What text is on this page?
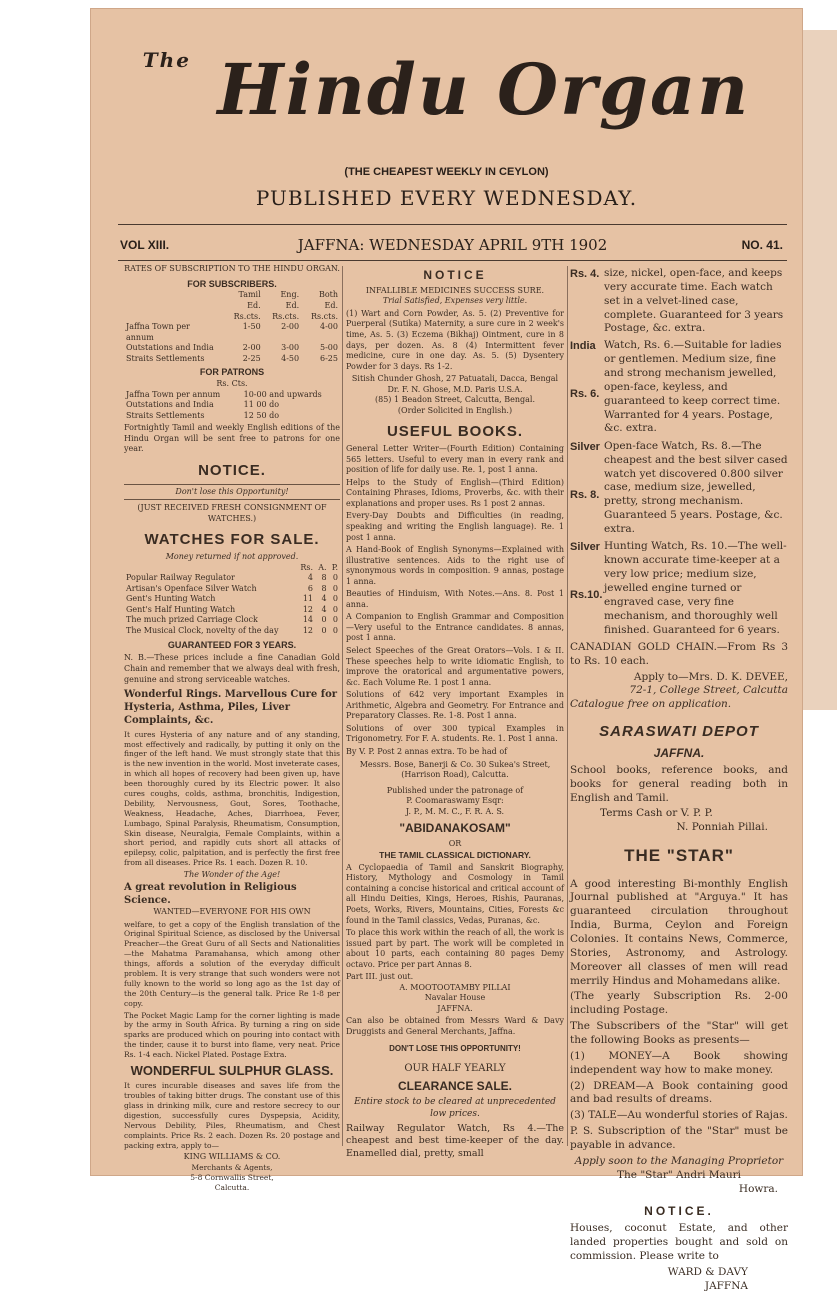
$^{The}$ Hindu Organ
(THE CHEAPEST WEEKLY IN CEYLON)
PUBLISHED EVERY WEDNESDAY.
VOL XIII.	JAFFNA: WEDNESDAY APRIL 9TH 1902	NO. 41.
RATES OF SUBSCRIPTION TO THE HINDU ORGAN.
FOR SUBSCRIBERS.
	Tamil Ed.	Eng. Ed.	Both Ed.
	Rs.cts.	Rs.cts.	Rs.cts.
Jaffna Town per annum	1-50	2-00	4-00
Outstations and India	2-00	3-00	5-00
Straits Settlements	2-25	4-50	6-25
FOR PATRONS
Rs. Cts.
Jaffna Town per annum	10-00 and upwards
Outstations and India	11 00 do
Straits Settlements	12 50 do

Fortnightly Tamil and weekly English editions of the Hindu Organ will be sent free to patrons for one year.

NOTICE.
Don't lose this Opportunity!
(JUST RECEIVED FRESH CONSIGNMENT OF WATCHES.)
WATCHES FOR SALE.
Money returned if not approved.
	Rs.	A.	P.
Popular Railway Regulator	4	8	0
Artisan's Openface Silver Watch	6	8	0
Gent's Hunting Watch	11	4	0
Gent's Half Hunting Watch	12	4	0
The much prized Carriage Clock	14	0	0
The Musical Clock, novelty of the day	12	0	0
GUARANTEED FOR 3 YEARS.

N. B.—These prices include a fine Canadian Gold Chain and remember that we always deal with fresh, genuine and strong serviceable watches.

Wonderful Rings. Marvellous Cure for Hysteria, Asthma, Piles, Liver Complaints, &c.

It cures Hysteria of any nature and of any standing, most effectively and radically, by putting it only on the finger of the left hand. We must strongly state that this is the new invention in the world. Most inveterate cases, in which all hopes of recovery had been given up, have been thoroughly cured by its Electric power. It also cures coughs, colds, asthma, bronchitis, Indigestion, Debility, Nervousness, Gout, Sores, Toothache, Weakness, Headache, Aches, Diarrhoea, Fever, Lumbago, Spinal Paralysis, Rheumatism, Consumption, Skin disease, Neuralgia, Female Complaints, within a short period, and rapidly cuts short all attacks of epilepsy, colic, palpitation, and is perfectly the first free from all diseases. Price Rs. 1 each. Dozen R. 10.

The Wonder of the Age!
A great revolution in Religious Science.
WANTED—EVERYONE FOR HIS OWN

welfare, to get a copy of the English translation of the Original Spiritual Science, as disclosed by the Universal Preacher—the Great Guru of all Sects and Nationalities—the Mahatma Paramahansa, which among other things, affords a solution of the everyday difficult problem. It is very strange that such wonders were not fully known to the world so long ago as the 1st day of the 20th Century—is the general talk. Price Re 1-8 per copy.

The Pocket Magic Lamp for the corner lighting is made by the army in South Africa. By turning a ring on side sparks are produced which on pouring into contact with the tinder, cause it to burst into flame, very neat. Price Rs. 1-4 each. Nickel Plated. Postage Extra.

WONDERFUL SULPHUR GLASS.

It cures incurable diseases and saves life from the troubles of taking bitter drugs. The constant use of this glass in drinking milk, cure and restore secrecy to our digestion, successfully cures Dyspepsia, Acidity, Nervous Debility, Piles, Rheumatism, and Chest complaints. Price Rs. 2 each. Dozen Rs. 20 postage and packing extra, apply to—

KING WILLIAMS & CO.
Merchants & Agents,
5-8 Cornwallis Street,
Calcutta.
NOTICE
INFALLIBLE MEDICINES SUCCESS SURE.
Trial Satisfied, Expenses very little.

(1) Wart and Corn Powder, As. 5. (2) Preventive for Puerperal (Sutika) Maternity, a sure cure in 2 week's time, As. 5. (3) Eczema (Bikhaj) Ointment, cure in 8 days, per dozen. As. 8 (4) Intermittent fever medicine, cure in one day. As. 5. (5) Dysentery Powder for 3 days. Rs 1-2.

Sitish Chunder Ghosh, 27 Patuatali, Dacca, Bengal
Dr. F. N. Ghose, M.D. Paris U.S.A.
(85) 1 Beadon Street, Calcutta, Bengal.
(Order Solicited in English.)
USEFUL BOOKS.

General Letter Writer—(Fourth Edition) Containing 565 letters. Useful to every man in every rank and position of life for daily use. Re. 1, post 1 anna.

Helps to the Study of English—(Third Edition) Containing Phrases, Idioms, Proverbs, &c. with their explanations and proper uses. Rs 1 post 2 annas.

Every-Day Doubts and Difficulties (in reading, speaking and writing the English language). Re. 1 post 1 anna.

A Hand-Book of English Synonyms—Explained with illustrative sentences. Aids to the right use of synonymous words in composition. 9 annas, postage 1 anna.

Beauties of Hinduism, With Notes.—Ans. 8. Post 1 anna.

A Companion to English Grammar and Composition—Very useful to the Entrance candidates. 8 annas, post 1 anna.

Select Speeches of the Great Orators—Vols. I & II. These speeches help to write idiomatic English, to improve the oratorical and argumentative powers, &c. Each Volume Re. 1 post 1 anna.

Solutions of 642 very important Examples in Arithmetic, Algebra and Geometry. For Entrance and Preparatory Classes. Re. 1-8. Post 1 anna.

Solutions of over 300 typical Examples in Trigonometry. For F. A. students. Re. 1. Post 1 anna.

By V. P. Post 2 annas extra. To be had of

Messrs. Bose, Banerji & Co. 30 Sukea's Street, (Harrison Road), Calcutta.
Published under the patronage of
P. Coomaraswamy Esqr:
J. P., M. M. C., F. R. A. S.
"ABIDANAKOSAM"
OR
THE TAMIL CLASSICAL DICTIONARY.

A Cyclopaedia of Tamil and Sanskrit Biography, History, Mythology and Cosmology in Tamil containing a concise historical and critical account of all Hindu Deities, Kings, Heroes, Rishis, Pauranas, Poets, Works, Rivers, Mountains, Cities, Forests &c found in the Tamil classics, Vedas, Puranas, &c.

To place this work within the reach of all, the work is issued part by part. The work will be completed in about 10 parts, each containing 80 pages Demy octavo. Price per part Annas 8.

Part III. just out.
A. MOOTOOTAMBY PILLAI
Navalar House
JAFFNA.

Can also be obtained from Messrs Ward & Davy Druggists and General Merchants, Jaffna.

DON'T LOSE THIS OPPORTUNITY!
OUR HALF YEARLY
CLEARANCE SALE.
Entire stock to be cleared at unprecedented low prices.

Railway Regulator Watch, Rs 4.—The cheapest and best time-keeper of the day. Enamelled dial, pretty, small

Rs. 4. size, nickel, open-face, and keeps very accurate time. Each watch set in a velvet-lined case, complete. Guaranteed for 3 years Postage, &c. extra.
India Watch, Rs. 6.—Suitable for ladies or gentlemen. Medium size, fine and strong mechanism jewelled, open-face, keyless, and guaranteed to keep correct time. Warranted for 4 years. Postage, &c. extra.
Rs. 6.
Silver Open-face Watch, Rs. 8.—The cheapest and the best silver cased watch yet discovered 0.800 silver case, medium size, jewelled, pretty, strong mechanism. Guaranteed 5 years. Postage, &c. extra.
Rs. 8.
Silver Hunting Watch, Rs. 10.—The well-known accurate time-keeper at a very low price; medium size, jewelled engine turned or engraved case, very fine mechanism, and thoroughly well finished. Guaranteed for 6 years.
Rs.10.

CANADIAN GOLD CHAIN.—From Rs 3 to Rs. 10 each.

Apply to—Mrs. D. K. DEVEE,
72-1, College Street, Calcutta
Catalogue free on application.
SARASWATI DEPOT
JAFFNA.

School books, reference books, and books for general reading both in English and Tamil.

Terms Cash or V. P. P.
N. Ponniah Pillai.
THE "STAR"

A good interesting Bi-monthly English Journal published at "Arguya." It has guaranteed circulation throughout India, Burma, Ceylon and Foreign Colonies. It contains News, Commerce, Stories, Astronomy, and Astrology. Moreover all classes of men will read merrily Hindus and Mohamedans alike.

(The yearly Subscription Rs. 2-00 including Postage.

The Subscribers of the "Star" will get the following Books as presents—

(1) MONEY—A Book showing independent way how to make money.

(2) DREAM—A Book containing good and bad results of dreams.

(3) TALE—Au wonderful stories of Rajas.

P. S. Subscription of the "Star" must be payable in advance.

Apply soon to the Managing Proprietor
The "Star" Andri Mauri
Howra.
NOTICE.

Houses, coconut Estate, and other landed properties bought and sold on commission. Please write to

WARD & DAVY
JAFFNA
